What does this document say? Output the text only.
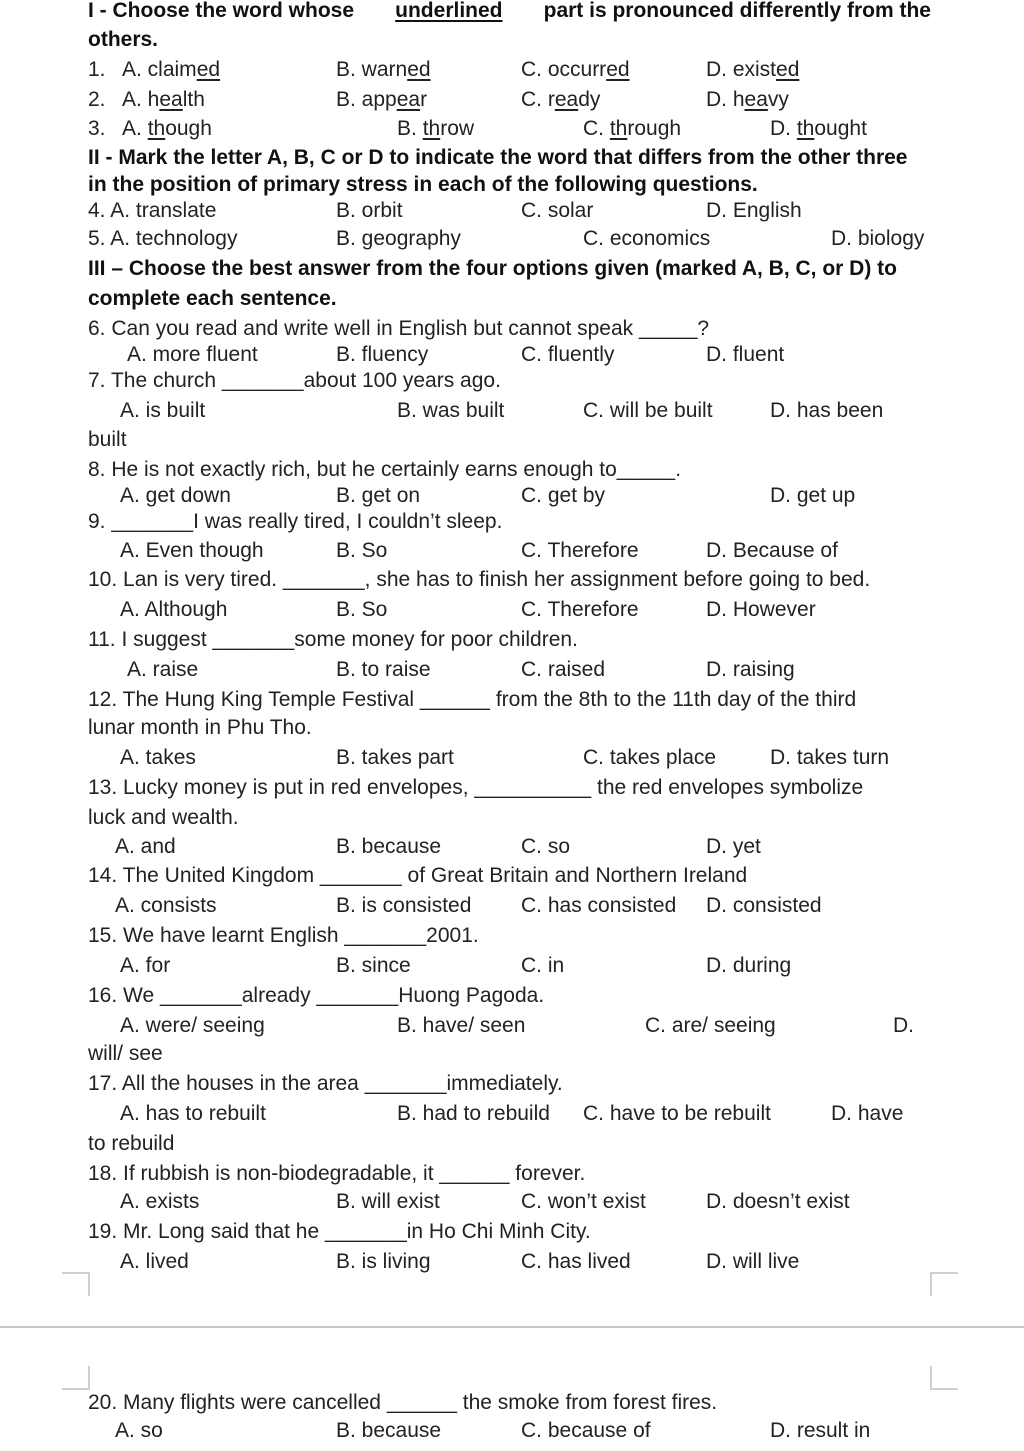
I - Choose the word whose underlined part is pronounced differently from the
others.
1. A. claimed	B. warned	C. occurred	D. existed
2. A. health	B. appear	C. ready	D. heavy
3. A. though	B. throw	C. through	D. thought
II - Mark the letter A, B, C or D to indicate the word that differs from the other three
in the position of primary stress in each of the following questions.
4. A. translate	B. orbit	C. solar	D. English
5. A. technology	B. geography	C. economics	D. biology
III – Choose the best answer from the four options given (marked A, B, C, or D) to
complete each sentence.
6. Can you read and write well in English but cannot speak _____?
A. more fluent	B. fluency	C. fluently	D. fluent
7. The church _______about 100 years ago.
A. is built	B. was built	C. will be built	D. has been
built
8. He is not exactly rich, but he certainly earns enough to_____.
A. get down	B. get on	C. get by	D. get up
9. _______I was really tired, I couldn’t sleep.
A. Even though	B. So	C. Therefore	D. Because of
10. Lan is very tired. _______, she has to finish her assignment before going to bed.
A. Although	B. So	C. Therefore	D. However
11. I suggest _______some money for poor children.
A. raise	B. to raise	C. raised	D. raising
12. The Hung King Temple Festival ______ from the 8th to the 11th day of the third
lunar month in Phu Tho.
A. takes	B. takes part	C. takes place	D. takes turn
13. Lucky money is put in red envelopes, __________ the red envelopes symbolize
luck and wealth.
A. and	B. because	C. so	D. yet
14. The United Kingdom _______ of Great Britain and Northern Ireland
A. consists	B. is consisted C. has consisted D. consisted
15. We have learnt English _______2001.
A. for	B. since	C. in	D. during
16. We _______already _______Huong Pagoda.
A. were/ seeing	B. have/ seen	C. are/ seeing	D.
will/ see
17. All the houses in the area _______immediately.
A. has to rebuilt	B. had to rebuild C. have to be rebuilt	D. have
to rebuild
18. If rubbish is non-biodegradable, it ______ forever.
A. exists	B. will exist	C. won’t exist	D. doesn’t exist
19. Mr. Long said that he _______in Ho Chi Minh City.
A. lived	B. is living	C. has lived	D. will live
20. Many flights were cancelled ______ the smoke from forest fires.
A. so	B. because	C. because of	D. result in
